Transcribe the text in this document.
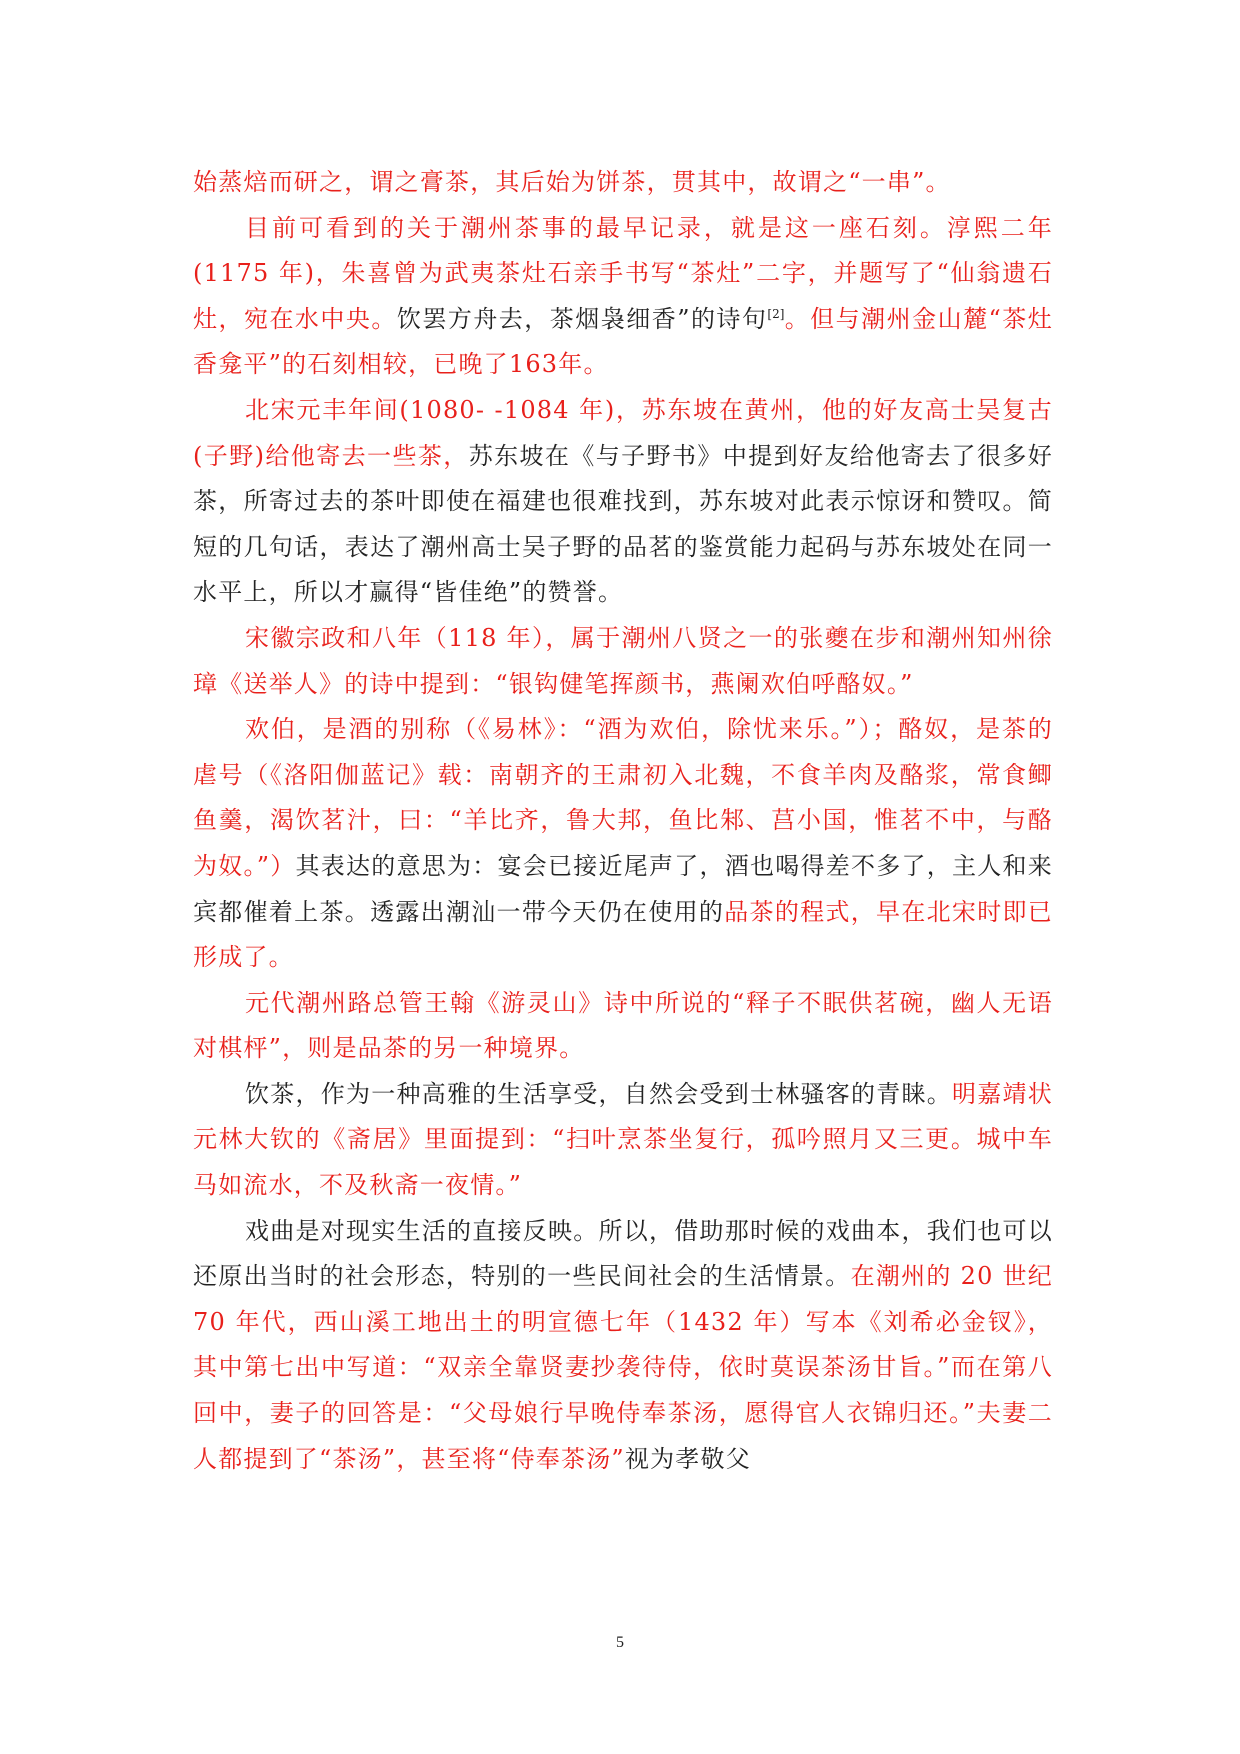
始蒸焙而研之，谓之膏茶，其后始为饼茶，贯其中，故谓之“一串”。

目前可看到的关于潮州茶事的最早记录，就是这一座石刻。淳熙二年(1175 年)，朱喜曾为武夷茶灶石亲手书写“茶灶”二字，并题写了“仙翁遗石灶，宛在水中央。饮罢方舟去，茶烟袅细香”的诗句[2]。但与潮州金山麓“茶灶香龛平”的石刻相较，已晚了163年。

北宋元丰年间(1080- -1084 年)，苏东坡在黄州，他的好友高士吴复古(子野)给他寄去一些茶，苏东坡在《与子野书》中提到好友给他寄去了很多好茶，所寄过去的茶叶即使在福建也很难找到，苏东坡对此表示惊讶和赞叹。简短的几句话，表达了潮州高士吴子野的品茗的鉴赏能力起码与苏东坡处在同一水平上，所以才赢得“皆佳绝”的赞誉。

宋徽宗政和八年（118 年），属于潮州八贤之一的张夔在步和潮州知州徐璋《送举人》的诗中提到：“银钩健笔挥颜书，燕阑欢伯呼酪奴。”

欢伯，是酒的别称（《易林》：“酒为欢伯，除忧来乐。”）；酪奴，是茶的虐号（《洛阳伽蓝记》载：南朝齐的王肃初入北魏，不食羊肉及酪浆，常食鲫鱼羹，渴饮茗汁，曰：“羊比齐，鲁大邦，鱼比邾、莒小国，惟茗不中，与酪为奴。”）其表达的意思为：宴会已接近尾声了，酒也喝得差不多了，主人和来宾都催着上茶。透露出潮汕一带今天仍在使用的品茶的程式，早在北宋时即已形成了。

元代潮州路总管王翰《游灵山》诗中所说的“释子不眠供茗碗，幽人无语对棋枰”，则是品茶的另一种境界。

饮茶，作为一种高雅的生活享受，自然会受到士林骚客的青睐。明嘉靖状元林大钦的《斋居》里面提到：“扫叶烹茶坐复行，孤吟照月又三更。城中车马如流水，不及秋斋一夜情。”

戏曲是对现实生活的直接反映。所以，借助那时候的戏曲本，我们也可以还原出当时的社会形态，特别的一些民间社会的生活情景。在潮州的 20 世纪 70 年代，西山溪工地出土的明宣德七年（1432 年）写本《刘希必金钗》，其中第七出中写道：“双亲全靠贤妻抄袭待侍，依时莫误茶汤甘旨。”而在第八回中，妻子的回答是：“父母娘行早晚侍奉茶汤，愿得官人衣锦归还。”夫妻二人都提到了“茶汤”，甚至将“侍奉茶汤”视为孝敬父

5
